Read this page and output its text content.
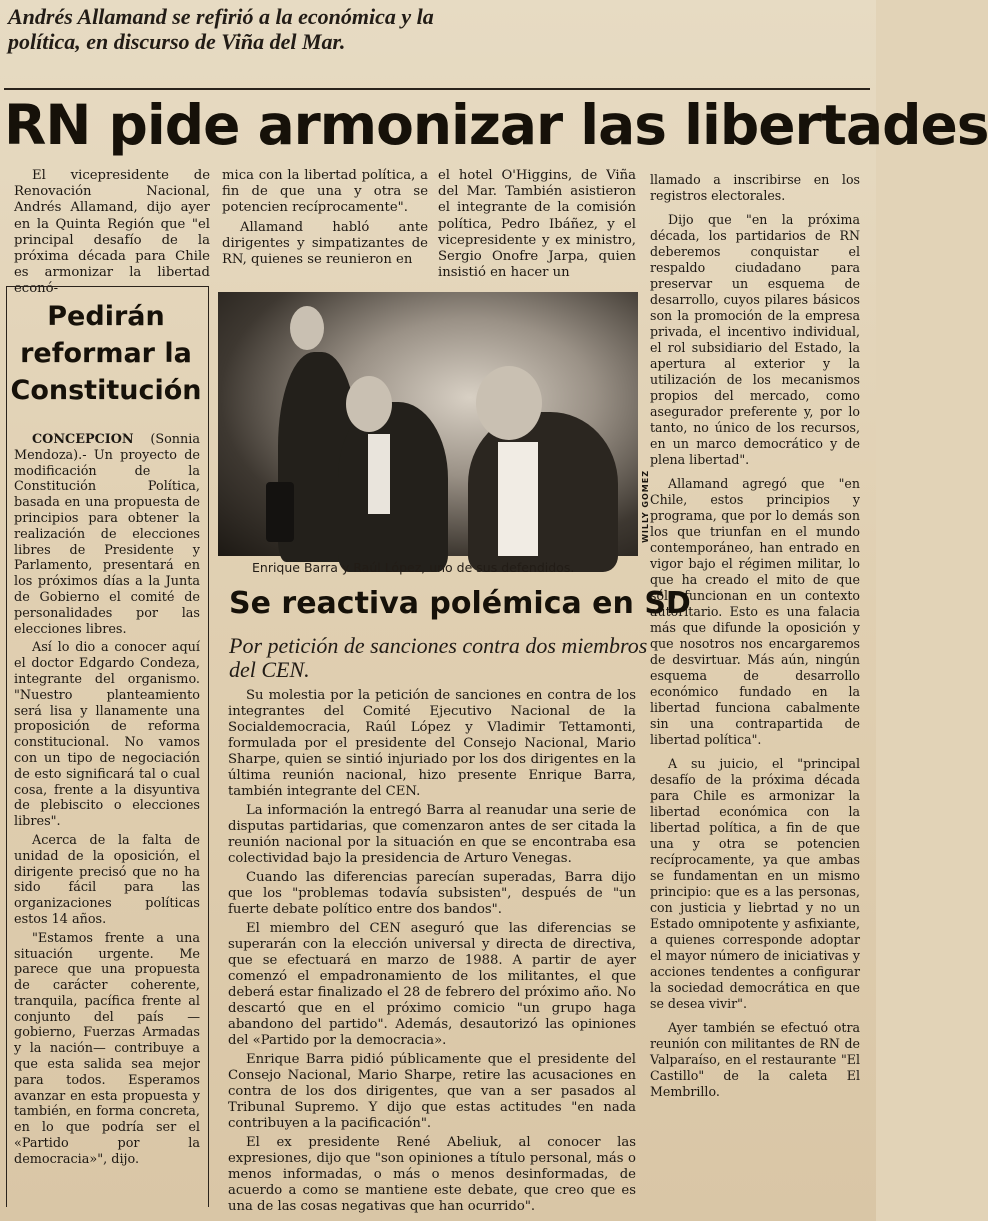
Andrés Allamand se refirió a la económica y la política, en discurso de Viña del Mar.
RN pide armonizar las libertades

El vicepresidente de Renovación Nacional, Andrés Allamand, dijo ayer en la Quinta Región que "el principal desafío de la próxima década para Chile es armonizar la libertad econó-

mica con la libertad política, a fin de que una y otra se potencien recíprocamente".

Allamand habló ante dirigentes y simpatizantes de RN, quienes se reunieron en

el hotel O'Higgins, de Viña del Mar. También asistieron el integrante de la comisión política, Pedro Ibáñez, y el vicepresidente y ex ministro, Sergio Onofre Jarpa, quien insistió en hacer un

llamado a inscribirse en los registros electorales.

Dijo que "en la próxima década, los partidarios de RN deberemos conquistar el respaldo ciudadano para preservar un esquema de desarrollo, cuyos pilares básicos son la promoción de la empresa privada, el incentivo individual, el rol subsidiario del Estado, la apertura al exterior y la utilización de los mecanismos propios del mercado, como asegurador preferente y, por lo tanto, no único de los recursos, en un marco democrático y de plena libertad".

Allamand agregó que "en Chile, estos principios y programa, que por lo demás son los que triunfan en el mundo contemporáneo, han entrado en vigor bajo el régimen militar, lo que ha creado el mito de que sólo funcionan en un contexto autoritario. Esto es una falacia más que difunde la oposición y que nosotros nos encargaremos de desvirtuar. Más aún, ningún esquema de desarrollo económico fundado en la libertad funciona cabalmente sin una contrapartida de libertad política".

A su juicio, el "principal desafío de la próxima década para Chile es armonizar la libertad económica con la libertad política, a fin de que una y otra se potencien recíprocamente, ya que ambas se fundamentan en un mismo principio: que es a las personas, con justicia y liebrtad y no un Estado omnipotente y asfixiante, a quienes corresponde adoptar el mayor número de iniciativas y acciones tendentes a configurar la sociedad democrática en que se desea vivir".

Ayer también se efectuó otra reunión con militantes de RN de Valparaíso, en el restaurante "El Castillo" de la caleta El Membrillo.

Pedirán reformar la Constitución

CONCEPCION (Sonnia Mendoza).- Un proyecto de modificación de la Constitución Política, basada en una propuesta de principios para obtener la realización de elecciones libres de Presidente y Parlamento, presentará en los próximos días a la Junta de Gobierno el comité de personalidades por las elecciones libres.

Así lo dio a conocer aquí el doctor Edgardo Condeza, integrante del organismo. "Nuestro planteamiento será lisa y llanamente una proposición de reforma constitucional. No vamos con un tipo de negociación de esto significará tal o cual cosa, frente a la disyuntiva de plebiscito o elecciones libres".

Acerca de la falta de unidad de la oposición, el dirigente precisó que no ha sido fácil para las organizaciones políticas estos 14 años.

"Estamos frente a una situación urgente. Me parece que una propuesta de carácter coherente, tranquila, pacífica frente al conjunto del país —gobierno, Fuerzas Armadas y la nación— contribuye a que esta salida sea mejor para todos. Esperamos avanzar en esta propuesta y también, en forma concreta, en lo que podría ser el «Partido por la democracia»", dijo.

WILLY GOMEZ
Enrique Barra y Raúl López, uno de sus defendidos.
Se reactiva polémica en SD
Por petición de sanciones contra dos miembros del CEN.

Su molestia por la petición de sanciones en contra de los integrantes del Comité Ejecutivo Nacional de la Socialdemocracia, Raúl López y Vladimir Tettamonti, formulada por el presidente del Consejo Nacional, Mario Sharpe, quien se sintió injuriado por los dos dirigentes en la última reunión nacional, hizo presente Enrique Barra, también integrante del CEN.

La información la entregó Barra al reanudar una serie de disputas partidarias, que comenzaron antes de ser citada la reunión nacional por la situación en que se encontraba esa colectividad bajo la presidencia de Arturo Venegas.

Cuando las diferencias parecían superadas, Barra dijo que los "problemas todavía subsisten", después de "un fuerte debate político entre dos bandos".

El miembro del CEN aseguró que las diferencias se superarán con la elección universal y directa de directiva, que se efectuará en marzo de 1988. A partir de ayer comenzó el empadronamiento de los militantes, el que deberá estar finalizado el 28 de febrero del próximo año. No descartó que en el próximo comicio "un grupo haga abandono del partido". Además, desautorizó las opiniones del «Partido por la democracia».

Enrique Barra pidió públicamente que el presidente del Consejo Nacional, Mario Sharpe, retire las acusaciones en contra de los dos dirigentes, que van a ser pasados al Tribunal Supremo. Y dijo que estas actitudes "en nada contribuyen a la pacificación".

El ex presidente René Abeliuk, al conocer las expresiones, dijo que "son opiniones a título personal, más o menos informadas, o más o menos desinformadas, de acuerdo a como se mantiene este debate, que creo que es una de las cosas negativas que han ocurrido".
